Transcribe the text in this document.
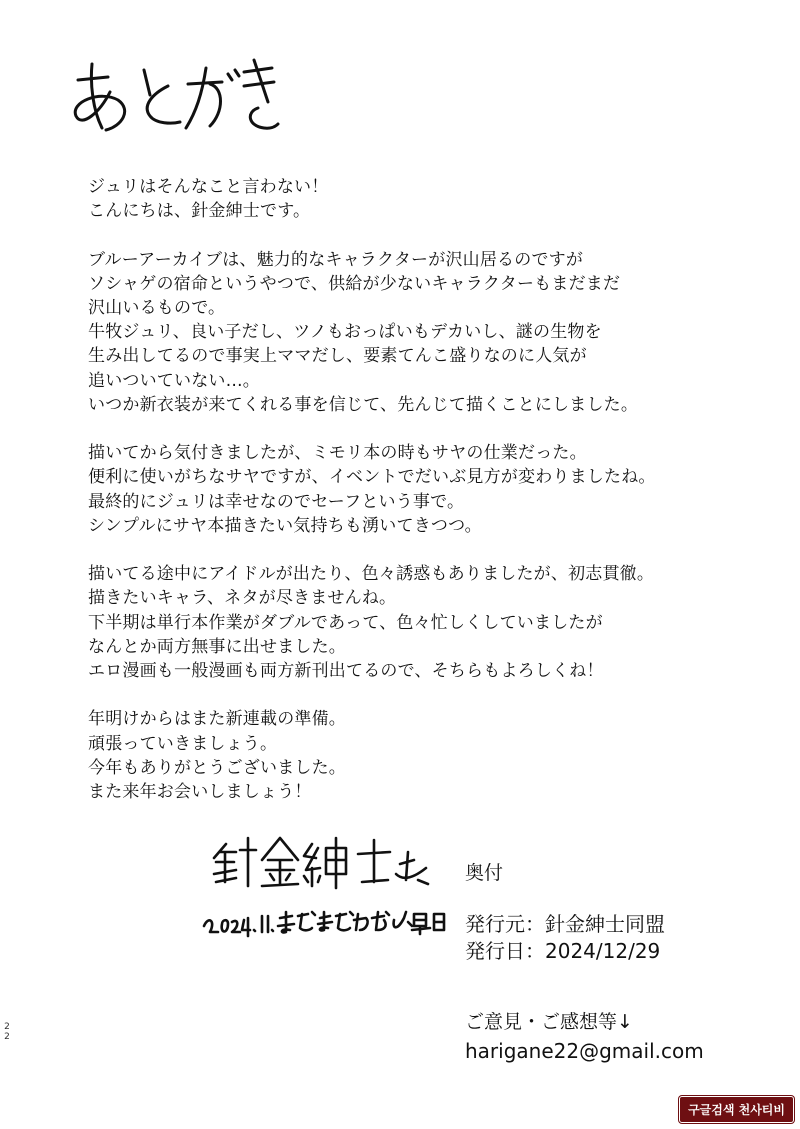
あとがき
ジュリはそんなこと言わない！
こんにちは、針金紳士です。
ブルーアーカイブは、魅力的なキャラクターが沢山居るのですが
ソシャゲの宿命というやつで、供給が少ないキャラクターもまだまだ
沢山いるもので。
牛牧ジュリ、良い子だし、ツノもおっぱいもデカいし、謎の生物を
生み出してるので事実上ママだし、要素てんこ盛りなのに人気が
追いついていない…。
いつか新衣装が来てくれる事を信じて、先んじて描くことにしました。
描いてから気付きましたが、ミモリ本の時もサヤの仕業だった。
便利に使いがちなサヤですが、イベントでだいぶ見方が変わりましたね。
最終的にジュリは幸せなのでセーフという事で。
シンプルにサヤ本描きたい気持ちも湧いてきつつ。
描いてる途中にアイドルが出たり、色々誘惑もありましたが、初志貫徹。
描きたいキャラ、ネタが尽きませんね。
下半期は単行本作業がダブルであって、色々忙しくしていましたが
なんとか両方無事に出せました。
エロ漫画も一般漫画も両方新刊出てるので、そちらもよろしくね！
年明けからはまた新連載の準備。
頑張っていきましょう。
今年もありがとうございました。
また来年お会いしましょう！
針金紳士
2024.11.まだまだなぜか暑い日
奥付
発行元：針金紳士同盟
発行日：2024/12/29
ご意見・ご感想等↓
harigane22@gmail.com
2
2
구글검색 천사티비
